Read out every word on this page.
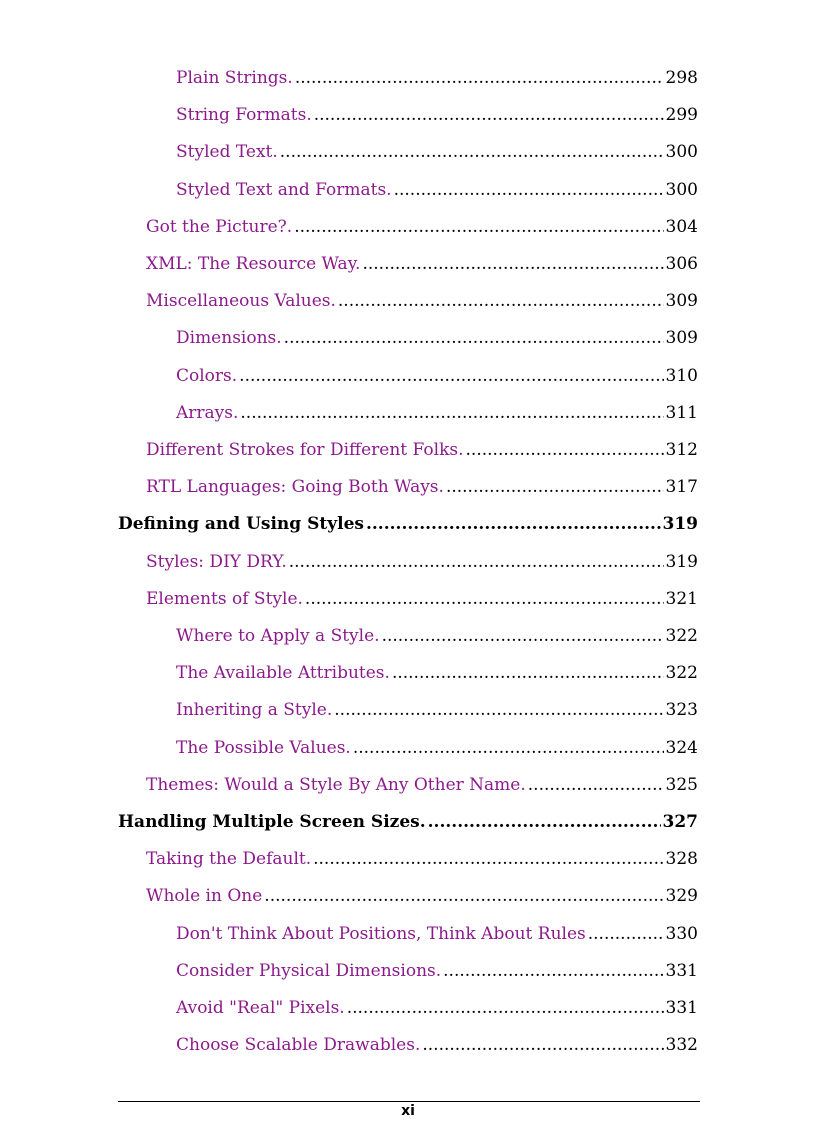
Plain Strings. .....	298
String Formats. .....	299
Styled Text. .....	300
Styled Text and Formats. .....	300
Got the Picture?. .....	304
XML: The Resource Way. .....	306
Miscellaneous Values. .....	309
Dimensions. .....	309
Colors. .....	310
Arrays. .....	311
Different Strokes for Different Folks. .....	312
RTL Languages: Going Both Ways. .....	317
Defining and Using Styles .....	319
Styles: DIY DRY. .....	319
Elements of Style. .....	321
Where to Apply a Style. .....	322
The Available Attributes. .....	322
Inheriting a Style. .....	323
The Possible Values. .....	324
Themes: Would a Style By Any Other Name. .....	325
Handling Multiple Screen Sizes. .....	327
Taking the Default. .....	328
Whole in One .....	329
Don't Think About Positions, Think About Rules .....	330
Consider Physical Dimensions. .....	331
Avoid "Real" Pixels. .....	331
Choose Scalable Drawables. .....	332
xi
